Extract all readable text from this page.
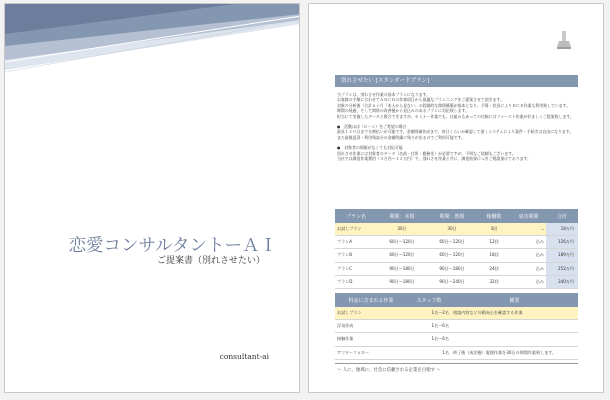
恋愛コンサルタントーＡＩ
ご提案書（別れさせたい）
consultant-ai
別れさせたい [スタンダードプラン]

当プランは、別れさせ作業の基本プランになります。

お客様の手順に合わせてＡＢＣＤの作業項目から最適なプランニングをご提案させて頂きます。

対象の分析後（合計６ヶ月「本人から見ない」の段階的な関係構築が基本となり、予算・状況によりＢＣＤ作業も利用致しています。

期間の経過、そして関係の改善後から見込みのあるプランに対応致します。

担当にて実施したデータと照合できますが、セミナー作業でも、仕組みもあっての比較にはファースト作業が好ましくご提案致します。

●　活動ほぼ（ローン）をご希望の場合

最長１２０日まで分割払いが可能です。金額明細作成まで、何日くらいか確認して頂くシステムにより案件・手続きは自由になります。

また最後返済・利用残高分の金額明細に残りが出るのでご利用可能です。

●　対象者の情報がなくても対応可能

別れさせ作業には対象者のデータ（名前・住所・勤務先）が必要ですが、不明なご依頼もございます。

当社では調査作業費用（５万円〜１２万円）で、別れさせ作業と共に、調査結果につきご相談頂けております。

プラン名	期間：未婚	期間：既婚	稼働数	成功期間	合計
お試しプラン	30日	30日	3回	--	18万円
プランA	60日〜120日	60日〜120日	12回	込み	126万円
プランB	60日〜120日	60日〜120日	18回	込み	189万円
プランC	90日〜180日	90日〜180日	24回	込み	252万円
プランD	90日〜180日	90日〜240日	32回	込み	340万円
料金に含まれる作業	スタッフ数	概要
お試しプラン	1名〜2名	相談内容などの動向心を確認する作業
浮気作成	1名〜6名	
接触作業	1名〜6名	
アフターフォロー	1名	終了後（成功後）電報作業を30日の期間作業致します。
〜 人に、地域に、社会に信頼される企業を目指す 〜
